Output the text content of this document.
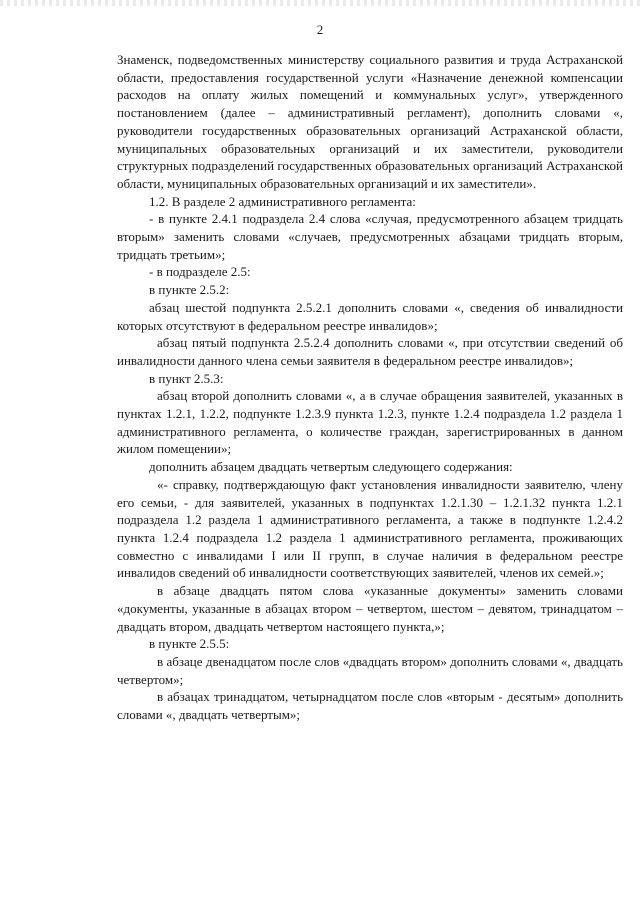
2

Знаменск, подведомственных министерству социального развития и труда Астраханской области, предоставления государственной услуги «Назначение денежной компенсации расходов на оплату жилых помещений и коммунальных услуг», утвержденного постановлением (далее – административный регламент), дополнить словами «, руководители государственных образовательных организаций Астраханской области, муниципальных образовательных организаций и их заместители, руководители структурных подразделений государственных образовательных организаций Астраханской области, муниципальных образовательных организаций и их заместители».

1.2. В разделе 2 административного регламента:

- в пункте 2.4.1 подраздела 2.4 слова «случая, предусмотренного абзацем тридцать вторым» заменить словами «случаев, предусмотренных абзацами тридцать вторым, тридцать третьим»;

- в подразделе 2.5:

в пункте 2.5.2:

абзац шестой подпункта 2.5.2.1 дополнить словами «, сведения об инвалидности которых отсутствуют в федеральном реестре инвалидов»;

абзац пятый подпункта 2.5.2.4 дополнить словами «, при отсутствии сведений об инвалидности данного члена семьи заявителя в федеральном реестре инвалидов»;

в пункт 2.5.3:

абзац второй дополнить словами «, а в случае обращения заявителей, указанных в пунктах 1.2.1, 1.2.2, подпункте 1.2.3.9 пункта 1.2.3, пункте 1.2.4 подраздела 1.2 раздела 1 административного регламента, о количестве граждан, зарегистрированных в данном жилом помещении»;

дополнить абзацем двадцать четвертым следующего содержания:

«- справку, подтверждающую факт установления инвалидности заявителю, члену его семьи, - для заявителей, указанных в подпунктах 1.2.1.30 – 1.2.1.32 пункта 1.2.1 подраздела 1.2 раздела 1 административного регламента, а также в подпункте 1.2.4.2 пункта 1.2.4 подраздела 1.2 раздела 1 административного регламента, проживающих совместно с инвалидами I или II групп, в случае наличия в федеральном реестре инвалидов сведений об инвалидности соответствующих заявителей, членов их семей.»;

в абзаце двадцать пятом слова «указанные документы» заменить словами «документы, указанные в абзацах втором – четвертом, шестом – девятом, тринадцатом – двадцать втором, двадцать четвертом настоящего пункта,»;

в пункте 2.5.5:

в абзаце двенадцатом после слов «двадцать втором» дополнить словами «, двадцать четвертом»;

в абзацах тринадцатом, четырнадцатом после слов «вторым - десятым» дополнить словами «, двадцать четвертым»;
